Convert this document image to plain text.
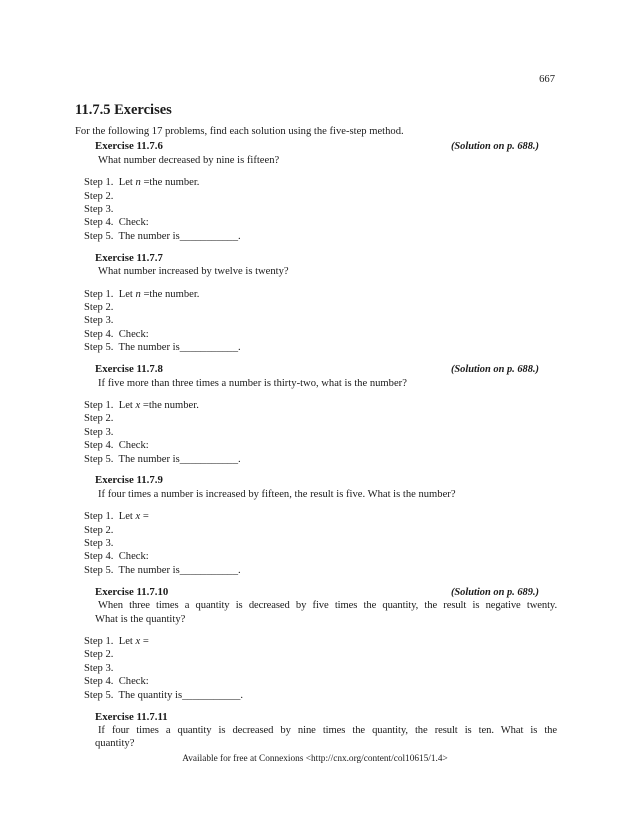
667
11.7.5 Exercises
For the following 17 problems, find each solution using the five-step method.
Exercise 11.7.6	(Solution on p. 688.)
What number decreased by nine is fifteen?
Step 1.  Let n =the number.
Step 2.
Step 3.
Step 4.  Check:
Step 5.  The number is___________.
Exercise 11.7.7
What number increased by twelve is twenty?
Step 1.  Let n =the number.
Step 2.
Step 3.
Step 4.  Check:
Step 5.  The number is___________.
Exercise 11.7.8	(Solution on p. 688.)
If five more than three times a number is thirty-two, what is the number?
Step 1.  Let x =the number.
Step 2.
Step 3.
Step 4.  Check:
Step 5.  The number is___________.
Exercise 11.7.9
If four times a number is increased by fifteen, the result is five. What is the number?
Step 1.  Let x =
Step 2.
Step 3.
Step 4.  Check:
Step 5.  The number is___________.
Exercise 11.7.10	(Solution on p. 689.)
When three times a quantity is decreased by five times the quantity, the result is negative twenty.
What is the quantity?
Step 1.  Let x =
Step 2.
Step 3.
Step 4.  Check:
Step 5.  The quantity is___________.
Exercise 11.7.11
If four times a quantity is decreased by nine times the quantity, the result is ten. What is the
quantity?
Available for free at Connexions <http://cnx.org/content/col10615/1.4>
